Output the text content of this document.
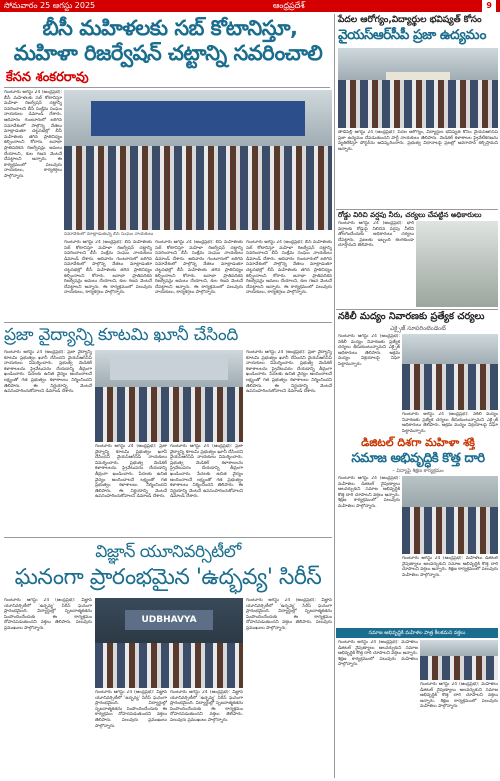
సోమవారం 25 ఆగస్టు 2025	ఆంధ్రప్రదేశ్	9
బీసీ మహిళలకు సబ్ కోటానిస్తూ,
మహిళా రిజర్వేషన్ చట్టాన్ని సవరించాలి
కేసన శంకరరావు
గుంటూరు ఆగస్టు 24 (ఆంధ్రప్రభ): బీసీ మహిళలకు సబ్ కోటానిస్తూ మహిళా రిజర్వేషన్ చట్టాన్ని సవరించాలని బీసీ సంక్షేమ సంఘం నాయకులు డిమాండ్ చేశారు. ఆదివారం గుంటూరులో జరిగిన సమావేశంలో పాల్గొన్న నేతలు మాట్లాడుతూ చట్టసభల్లో బీసీ మహిళలకు తగిన ప్రాతినిధ్యం కల్పించాలని కోరారు. జనాభా ప్రాతిపదికన రిజర్వేషన్లు అమలు చేయాలని, కుల గణన వెంటనే చేపట్టాలని అన్నారు. ఈ కార్యక్రమంలో పలువురు నాయకులు, కార్యకర్తలు పాల్గొన్నారు.
సమావేశంలో మాట్లాడుతున్న బీసీ సంఘం నాయకులు
గుంటూరు ఆగస్టు 24 (ఆంధ్రప్రభ): బీసీ మహిళలకు సబ్ కోటానిస్తూ మహిళా రిజర్వేషన్ చట్టాన్ని సవరించాలని బీసీ సంక్షేమ సంఘం నాయకులు డిమాండ్ చేశారు. ఆదివారం గుంటూరులో జరిగిన సమావేశంలో పాల్గొన్న నేతలు మాట్లాడుతూ చట్టసభల్లో బీసీ మహిళలకు తగిన ప్రాతినిధ్యం కల్పించాలని కోరారు. జనాభా ప్రాతిపదికన రిజర్వేషన్లు అమలు చేయాలని, కుల గణన వెంటనే చేపట్టాలని అన్నారు. ఈ కార్యక్రమంలో పలువురు నాయకులు, కార్యకర్తలు పాల్గొన్నారు.
గుంటూరు ఆగస్టు 24 (ఆంధ్రప్రభ): బీసీ మహిళలకు సబ్ కోటానిస్తూ మహిళా రిజర్వేషన్ చట్టాన్ని సవరించాలని బీసీ సంక్షేమ సంఘం నాయకులు డిమాండ్ చేశారు. ఆదివారం గుంటూరులో జరిగిన సమావేశంలో పాల్గొన్న నేతలు మాట్లాడుతూ చట్టసభల్లో బీసీ మహిళలకు తగిన ప్రాతినిధ్యం కల్పించాలని కోరారు. జనాభా ప్రాతిపదికన రిజర్వేషన్లు అమలు చేయాలని, కుల గణన వెంటనే చేపట్టాలని అన్నారు. ఈ కార్యక్రమంలో పలువురు నాయకులు, కార్యకర్తలు పాల్గొన్నారు.
గుంటూరు ఆగస్టు 24 (ఆంధ్రప్రభ): బీసీ మహిళలకు సబ్ కోటానిస్తూ మహిళా రిజర్వేషన్ చట్టాన్ని సవరించాలని బీసీ సంక్షేమ సంఘం నాయకులు డిమాండ్ చేశారు. ఆదివారం గుంటూరులో జరిగిన సమావేశంలో పాల్గొన్న నేతలు మాట్లాడుతూ చట్టసభల్లో బీసీ మహిళలకు తగిన ప్రాతినిధ్యం కల్పించాలని కోరారు. జనాభా ప్రాతిపదికన రిజర్వేషన్లు అమలు చేయాలని, కుల గణన వెంటనే చేపట్టాలని అన్నారు. ఈ కార్యక్రమంలో పలువురు నాయకులు, కార్యకర్తలు పాల్గొన్నారు.
పేదల ఆరోగ్యం,విద్యార్థుల భవిష్యత్ కోసం
వైయస్ఆర్‌సీపీ ప్రజా ఉద్యమం
తాడేపల్లి ఆగస్టు 24 (ఆంధ్రప్రభ): పేదల ఆరోగ్యం, విద్యార్థుల భవిష్యత్ కోసం వైయస్ఆర్‌సీపీ ప్రజా ఉద్యమం చేపడుతుందని పార్టీ నాయకులు తెలిపారు. మెడికల్ కళాశాలల ప్రైవేటీకరణను వ్యతిరేకిస్తూ పోస్టర్‌ను ఆవిష్కరించారు. ప్రభుత్వ విధానాలపై ప్రజల్లో అవగాహన కల్పిస్తామని అన్నారు.
రోడ్డు విరిచి వర్షపు నీరు, చర్యలు చేపట్టిన అధికారులు
గుంటూరు ఆగస్టు 24 (ఆంధ్రప్రభ): భారీ వర్షాలకు రోడ్డుపై నిలిచిన వర్షపు నీటిని తొలగించేందుకు అధికారులు చర్యలు చేపట్టారు. ప్రజలకు ఇబ్బంది కలగకుండా చూస్తామని తెలిపారు.
నకిలీ మద్యం నివారణకు ప్రత్యేక చర్యలు
ఎక్సైజ్ సూపరింటెండెంట్
గుంటూరు ఆగస్టు 24 (ఆంధ్రప్రభ): నకిలీ మద్యం నివారణకు ప్రత్యేక చర్యలు తీసుకుంటున్నామని ఎక్సైజ్ అధికారులు తెలిపారు. అక్రమ మద్యం విక్రయాలపై నిఘా పెట్టామన్నారు.
గుంటూరు ఆగస్టు 24 (ఆంధ్రప్రభ): నకిలీ మద్యం నివారణకు ప్రత్యేక చర్యలు తీసుకుంటున్నామని ఎక్సైజ్ అధికారులు తెలిపారు. అక్రమ మద్యం విక్రయాలపై నిఘా పెట్టామన్నారు.
డిజిటల్ దిశగా మహిళా శక్తి
సమాజ అభివృద్ధికి కొత్త దారి
– విద్యాపై శిక్షణ కార్యక్రమం
గుంటూరు ఆగస్టు 24 (ఆంధ్రప్రభ): మహిళలు డిజిటల్ నైపుణ్యాలు అలవర్చుకుని సమాజ అభివృద్ధికి కొత్త దారి చూపాలని వక్తలు అన్నారు. శిక్షణ కార్యక్రమంలో పలువురు మహిళలు పాల్గొన్నారు.
గుంటూరు ఆగస్టు 24 (ఆంధ్రప్రభ): మహిళలు డిజిటల్ నైపుణ్యాలు అలవర్చుకుని సమాజ అభివృద్ధికి కొత్త దారి చూపాలని వక్తలు అన్నారు. శిక్షణ కార్యక్రమంలో పలువురు మహిళలు పాల్గొన్నారు.
సమాజ అభివృద్ధికి మహిళల పాత్ర కీలకమని వక్తలు
గుంటూరు ఆగస్టు 24 (ఆంధ్రప్రభ): మహిళలు డిజిటల్ నైపుణ్యాలు అలవర్చుకుని సమాజ అభివృద్ధికి కొత్త దారి చూపాలని వక్తలు అన్నారు. శిక్షణ కార్యక్రమంలో పలువురు మహిళలు పాల్గొన్నారు.
గుంటూరు ఆగస్టు 24 (ఆంధ్రప్రభ): మహిళలు డిజిటల్ నైపుణ్యాలు అలవర్చుకుని సమాజ అభివృద్ధికి కొత్త దారి చూపాలని వక్తలు అన్నారు. శిక్షణ కార్యక్రమంలో పలువురు మహిళలు పాల్గొన్నారు.
ప్రజా వైద్యాన్ని కూటమి ఖూనీ చేసింది
గుంటూరు ఆగస్టు 24 (ఆంధ్రప్రభ): ప్రజా వైద్యాన్ని కూటమి ప్రభుత్వం ఖూనీ చేసిందని వైయస్ఆర్‌సీపీ నాయకులు విమర్శించారు. ప్రభుత్వ మెడికల్ కళాశాలలను ప్రైవేటుపరం చేయడాన్ని తీవ్రంగా ఖండించారు. పేదలకు ఉచిత వైద్యం అందించాలనే లక్ష్యంతో గత ప్రభుత్వం కళాశాలలు నిర్మించిందని తెలిపారు. ఈ నిర్ణయాన్ని వెంటనే ఉపసంహరించుకోవాలని డిమాండ్ చేశారు.
గుంటూరు ఆగస్టు 24 (ఆంధ్రప్రభ): ప్రజా వైద్యాన్ని కూటమి ప్రభుత్వం ఖూనీ చేసిందని వైయస్ఆర్‌సీపీ నాయకులు విమర్శించారు. ప్రభుత్వ మెడికల్ కళాశాలలను ప్రైవేటుపరం చేయడాన్ని తీవ్రంగా ఖండించారు. పేదలకు ఉచిత వైద్యం అందించాలనే లక్ష్యంతో గత ప్రభుత్వం కళాశాలలు నిర్మించిందని తెలిపారు. ఈ నిర్ణయాన్ని వెంటనే ఉపసంహరించుకోవాలని డిమాండ్ చేశారు.
గుంటూరు ఆగస్టు 24 (ఆంధ్రప్రభ): ప్రజా వైద్యాన్ని కూటమి ప్రభుత్వం ఖూనీ చేసిందని వైయస్ఆర్‌సీపీ నాయకులు విమర్శించారు. ప్రభుత్వ మెడికల్ కళాశాలలను ప్రైవేటుపరం చేయడాన్ని తీవ్రంగా ఖండించారు. పేదలకు ఉచిత వైద్యం అందించాలనే లక్ష్యంతో గత ప్రభుత్వం కళాశాలలు నిర్మించిందని తెలిపారు. ఈ నిర్ణయాన్ని వెంటనే ఉపసంహరించుకోవాలని డిమాండ్ చేశారు.
గుంటూరు ఆగస్టు 24 (ఆంధ్రప్రభ): ప్రజా వైద్యాన్ని కూటమి ప్రభుత్వం ఖూనీ చేసిందని వైయస్ఆర్‌సీపీ నాయకులు విమర్శించారు. ప్రభుత్వ మెడికల్ కళాశాలలను ప్రైవేటుపరం చేయడాన్ని తీవ్రంగా ఖండించారు. పేదలకు ఉచిత వైద్యం అందించాలనే లక్ష్యంతో గత ప్రభుత్వం కళాశాలలు నిర్మించిందని తెలిపారు. ఈ నిర్ణయాన్ని వెంటనే ఉపసంహరించుకోవాలని డిమాండ్ చేశారు.
విజ్ఞాన్ యూనివర్సిటీలో
ఘనంగా ప్రారంభమైన 'ఉద్భవ్య' సిరీస్
గుంటూరు ఆగస్టు 24 (ఆంధ్రప్రభ): విజ్ఞాన్ యూనివర్సిటీలో 'ఉద్భవ్య' సిరీస్ ఘనంగా ప్రారంభమైంది. విద్యార్థుల్లో సృజనాత్మకతను పెంపొందించేందుకు ఈ కార్యక్రమం దోహదపడుతుందని వక్తలు తెలిపారు. పలువురు ప్రముఖులు పాల్గొన్నారు.
UDBHAVYA
గుంటూరు ఆగస్టు 24 (ఆంధ్రప్రభ): విజ్ఞాన్ యూనివర్సిటీలో 'ఉద్భవ్య' సిరీస్ ఘనంగా ప్రారంభమైంది. విద్యార్థుల్లో సృజనాత్మకతను పెంపొందించేందుకు ఈ కార్యక్రమం దోహదపడుతుందని వక్తలు తెలిపారు. పలువురు ప్రముఖులు పాల్గొన్నారు.
గుంటూరు ఆగస్టు 24 (ఆంధ్రప్రభ): విజ్ఞాన్ యూనివర్సిటీలో 'ఉద్భవ్య' సిరీస్ ఘనంగా ప్రారంభమైంది. విద్యార్థుల్లో సృజనాత్మకతను పెంపొందించేందుకు ఈ కార్యక్రమం దోహదపడుతుందని వక్తలు తెలిపారు. పలువురు ప్రముఖులు పాల్గొన్నారు.
గుంటూరు ఆగస్టు 24 (ఆంధ్రప్రభ): విజ్ఞాన్ యూనివర్సిటీలో 'ఉద్భవ్య' సిరీస్ ఘనంగా ప్రారంభమైంది. విద్యార్థుల్లో సృజనాత్మకతను పెంపొందించేందుకు ఈ కార్యక్రమం దోహదపడుతుందని వక్తలు తెలిపారు. పలువురు ప్రముఖులు పాల్గొన్నారు.
